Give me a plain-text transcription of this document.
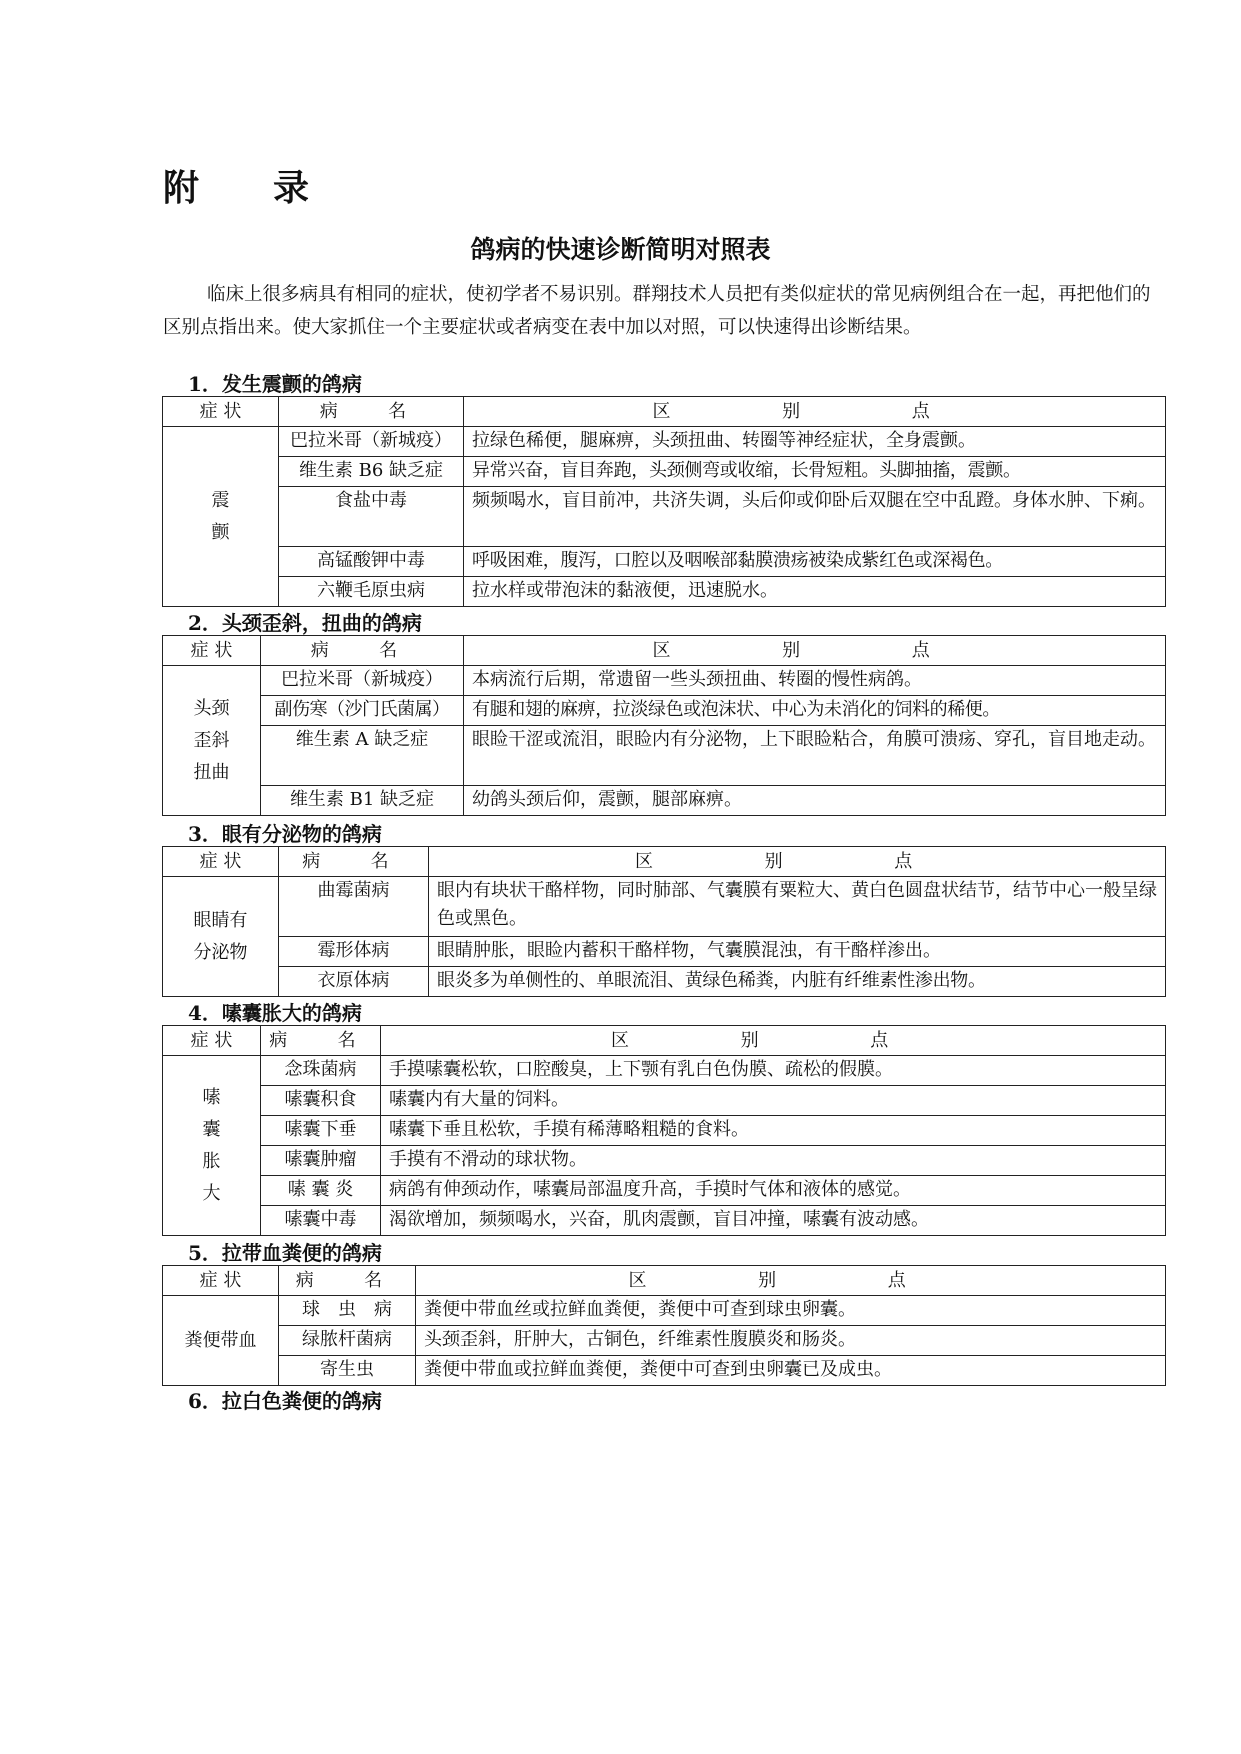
附 录
鸽病的快速诊断简明对照表
临床上很多病具有相同的症状，使初学者不易识别。群翔技术人员把有类似症状的常见病例组合在一起，再把他们的区别点指出来。使大家抓住一个主要症状或者病变在表中加以对照，可以快速得出诊断结果。
1．发生震颤的鸽病
症 状	病　名	区　别　点

震
颤	巴拉米哥（新城疫）	拉绿色稀便，腿麻痹，头颈扭曲、转圈等神经症状，全身震颤。
	维生素 B6 缺乏症	异常兴奋，盲目奔跑，头颈侧弯或收缩，长骨短粗。头脚抽搐，震颤。
	食盐中毒	频频喝水，盲目前冲，共济失调，头后仰或仰卧后双腿在空中乱蹬。身体水肿、下痢。
	高锰酸钾中毒	呼吸困难，腹泻，口腔以及咽喉部黏膜溃疡被染成紫红色或深褐色。
	六鞭毛原虫病	拉水样或带泡沫的黏液便，迅速脱水。
2．头颈歪斜，扭曲的鸽病
症 状	病　名	区　别　点

头颈
歪斜
扭曲	巴拉米哥（新城疫）	本病流行后期，常遗留一些头颈扭曲、转圈的慢性病鸽。
	副伤寒（沙门氏菌属）	有腿和翅的麻痹，拉淡绿色或泡沫状、中心为未消化的饲料的稀便。
	维生素 A 缺乏症	眼睑干涩或流泪，眼睑内有分泌物，上下眼睑粘合，角膜可溃疡、穿孔，盲目地走动。
	维生素 B1 缺乏症	幼鸽头颈后仰，震颤，腿部麻痹。
3．眼有分泌物的鸽病
症 状	病　名	区　别　点

眼睛有
分泌物	曲霉菌病	眼内有块状干酪样物，同时肺部、气囊膜有粟粒大、黄白色圆盘状结节，结节中心一般呈绿色或黑色。
	霉形体病	眼睛肿胀，眼睑内蓄积干酪样物，气囊膜混浊，有干酪样渗出。
	衣原体病	眼炎多为单侧性的、单眼流泪、黄绿色稀粪，内脏有纤维素性渗出物。
4．嗉囊胀大的鸽病
症 状	病　名	区　别　点

嗉
囊
胀
大	念珠菌病	手摸嗉囊松软，口腔酸臭，上下颚有乳白色伪膜、疏松的假膜。
	嗉囊积食	嗉囊内有大量的饲料。
	嗉囊下垂	嗉囊下垂且松软，手摸有稀薄略粗糙的食料。
	嗉囊肿瘤	手摸有不滑动的球状物。
	嗉 囊 炎	病鸽有伸颈动作，嗉囊局部温度升高，手摸时气体和液体的感觉。
	嗉囊中毒	渴欲增加，频频喝水，兴奋，肌肉震颤，盲目冲撞，嗉囊有波动感。
5．拉带血粪便的鸽病
症 状	病　名	区　别　点

粪便带血	球　虫　病	粪便中带血丝或拉鲜血粪便，粪便中可查到球虫卵囊。
	绿脓杆菌病	头颈歪斜，肝肿大，古铜色，纤维素性腹膜炎和肠炎。
	寄生虫	粪便中带血或拉鲜血粪便，粪便中可查到虫卵囊已及成虫。
6．拉白色粪便的鸽病
